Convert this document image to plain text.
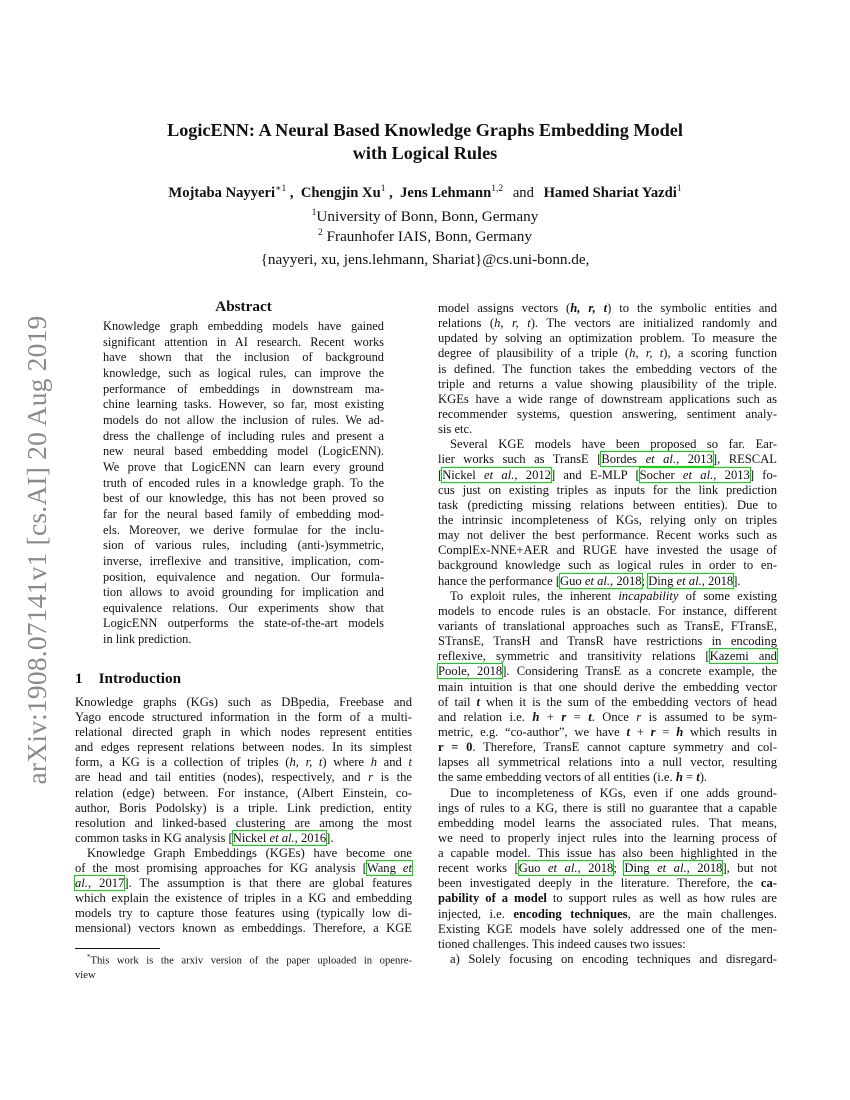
arXiv:1908.07141v1 [cs.AI] 20 Aug 2019
LogicENN: A Neural Based Knowledge Graphs Embedding Model
with Logical Rules
Mojtaba Nayyeri$^{∗1}$ ,  Chengjin Xu$^1$ ,  Jens Lehmann$^{1,2}$ and Hamed Shariat Yazdi$^1$
$^1$University of Bonn, Bonn, Germany
$^2$ Fraunhofer IAIS, Bonn, Germany
{nayyeri, xu, jens.lehmann, Shariat}@cs.uni-bonn.de,
Abstract
Knowledge graph embedding models have gained
significant attention in AI research. Recent works
have shown that the inclusion of background
knowledge, such as logical rules, can improve the
performance of embeddings in downstream ma-
chine learning tasks. However, so far, most existing
models do not allow the inclusion of rules. We ad-
dress the challenge of including rules and present a
new neural based embedding model (LogicENN).
We prove that LogicENN can learn every ground
truth of encoded rules in a knowledge graph. To the
best of our knowledge, this has not been proved so
far for the neural based family of embedding mod-
els. Moreover, we derive formulae for the inclu-
sion of various rules, including (anti-)symmetric,
inverse, irreflexive and transitive, implication, com-
position, equivalence and negation. Our formula-
tion allows to avoid grounding for implication and
equivalence relations. Our experiments show that
LogicENN outperforms the state-of-the-art models
in link prediction.
1 Introduction
Knowledge graphs (KGs) such as DBpedia, Freebase and
Yago encode structured information in the form of a multi-
relational directed graph in which nodes represent entities
and edges represent relations between nodes. In its simplest
form, a KG is a collection of triples (h, r, t) where h and t
are head and tail entities (nodes), respectively, and r is the
relation (edge) between. For instance, (Albert Einstein, co-
author, Boris Podolsky) is a triple. Link prediction, entity
resolution and linked-based clustering are among the most
common tasks in KG analysis [Nickel et al., 2016].
Knowledge Graph Embeddings (KGEs) have become one
of the most promising approaches for KG analysis [Wang et
al., 2017]. The assumption is that there are global features
which explain the existence of triples in a KG and embedding
models try to capture those features using (typically low di-
mensional) vectors known as embeddings. Therefore, a KGE
model assigns vectors (h, r, t) to the symbolic entities and
relations (h, r, t). The vectors are initialized randomly and
updated by solving an optimization problem. To measure the
degree of plausibility of a triple (h, r, t), a scoring function
is defined. The function takes the embedding vectors of the
triple and returns a value showing plausibility of the triple.
KGEs have a wide range of downstream applications such as
recommender systems, question answering, sentiment analy-
sis etc.
Several KGE models have been proposed so far. Ear-
lier works such as TransE [Bordes et al., 2013], RESCAL
[Nickel et al., 2012] and E-MLP [Socher et al., 2013] fo-
cus just on existing triples as inputs for the link prediction
task (predicting missing relations between entities). Due to
the intrinsic incompleteness of KGs, relying only on triples
may not deliver the best performance. Recent works such as
ComplEx-NNE+AER and RUGE have invested the usage of
background knowledge such as logical rules in order to en-
hance the performance [Guo et al., 2018; Ding et al., 2018].
To exploit rules, the inherent incapability of some existing
models to encode rules is an obstacle. For instance, different
variants of translational approaches such as TransE, FTransE,
STransE, TransH and TransR have restrictions in encoding
reflexive, symmetric and transitivity relations [Kazemi and
Poole, 2018]. Considering TransE as a concrete example, the
main intuition is that one should derive the embedding vector
of tail t when it is the sum of the embedding vectors of head
and relation i.e. h + r = t. Once r is assumed to be sym-
metric, e.g. “co-author”, we have t + r = h which results in
r = 0. Therefore, TransE cannot capture symmetry and col-
lapses all symmetrical relations into a null vector, resulting
the same embedding vectors of all entities (i.e. h = t).
Due to incompleteness of KGs, even if one adds ground-
ings of rules to a KG, there is still no guarantee that a capable
embedding model learns the associated rules. That means,
we need to properly inject rules into the learning process of
a capable model. This issue has also been highlighted in the
recent works [Guo et al., 2018; Ding et al., 2018], but not
been investigated deeply in the literature. Therefore, the ca-
pability of a model to support rules as well as how rules are
injected, i.e. encoding techniques, are the main challenges.
Existing KGE models have solely addressed one of the men-
tioned challenges. This indeed causes two issues:
a) Solely focusing on encoding techniques and disregard-
*This work is the arxiv version of the paper uploaded in openre-
view
